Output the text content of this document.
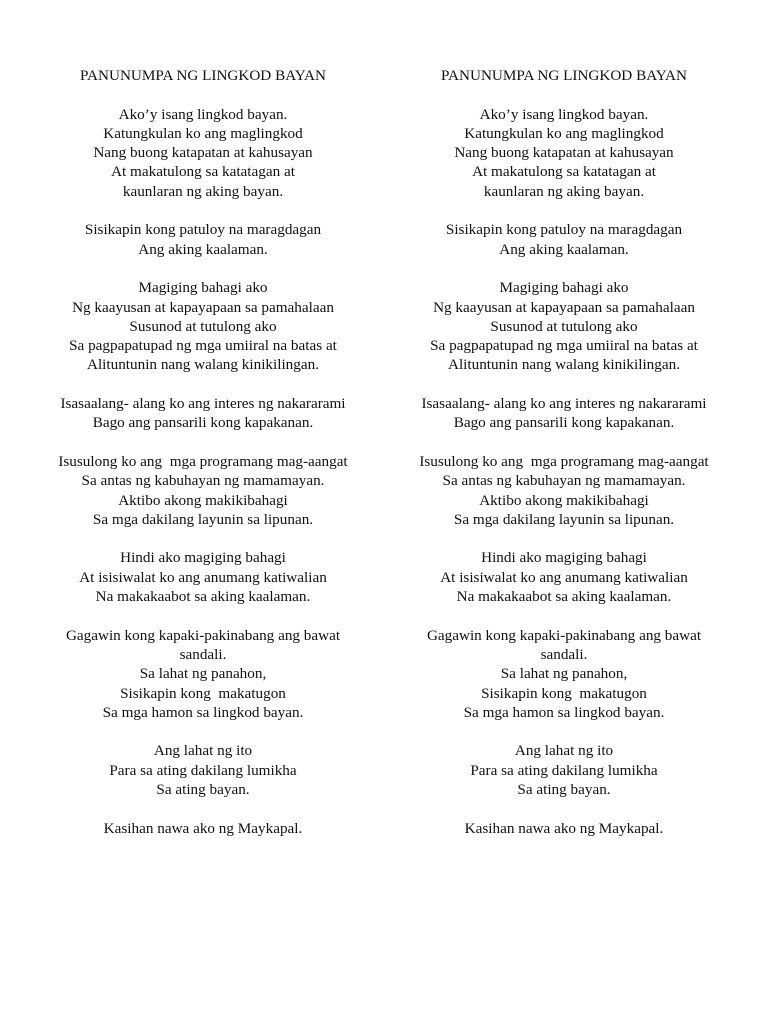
PANUNUMPA NG LINGKOD BAYAN
Ako’y isang lingkod bayan.
Katungkulan ko ang maglingkod
Nang buong katapatan at kahusayan
At makatulong sa katatagan at
kaunlaran ng aking bayan.
Sisikapin kong patuloy na maragdagan
Ang aking kaalaman.
Magiging bahagi ako
Ng kaayusan at kapayapaan sa pamahalaan
Susunod at tutulong ako
Sa pagpapatupad ng mga umiiral na batas at
Alituntunin nang walang kinikilingan.
Isasaalang- alang ko ang interes ng nakararami
Bago ang pansarili kong kapakanan.
Isusulong ko ang  mga programang mag-aangat
Sa antas ng kabuhayan ng mamamayan.
Aktibo akong makikibahagi
Sa mga dakilang layunin sa lipunan.
Hindi ako magiging bahagi
At isisiwalat ko ang anumang katiwalian
Na makakaabot sa aking kaalaman.
Gagawin kong kapaki-pakinabang ang bawat
sandali.
Sa lahat ng panahon,
Sisikapin kong  makatugon
Sa mga hamon sa lingkod bayan.
Ang lahat ng ito
Para sa ating dakilang lumikha
Sa ating bayan.
Kasihan nawa ako ng Maykapal.
PANUNUMPA NG LINGKOD BAYAN
Ako’y isang lingkod bayan.
Katungkulan ko ang maglingkod
Nang buong katapatan at kahusayan
At makatulong sa katatagan at
kaunlaran ng aking bayan.
Sisikapin kong patuloy na maragdagan
Ang aking kaalaman.
Magiging bahagi ako
Ng kaayusan at kapayapaan sa pamahalaan
Susunod at tutulong ako
Sa pagpapatupad ng mga umiiral na batas at
Alituntunin nang walang kinikilingan.
Isasaalang- alang ko ang interes ng nakararami
Bago ang pansarili kong kapakanan.
Isusulong ko ang  mga programang mag-aangat
Sa antas ng kabuhayan ng mamamayan.
Aktibo akong makikibahagi
Sa mga dakilang layunin sa lipunan.
Hindi ako magiging bahagi
At isisiwalat ko ang anumang katiwalian
Na makakaabot sa aking kaalaman.
Gagawin kong kapaki-pakinabang ang bawat
sandali.
Sa lahat ng panahon,
Sisikapin kong  makatugon
Sa mga hamon sa lingkod bayan.
Ang lahat ng ito
Para sa ating dakilang lumikha
Sa ating bayan.
Kasihan nawa ako ng Maykapal.
